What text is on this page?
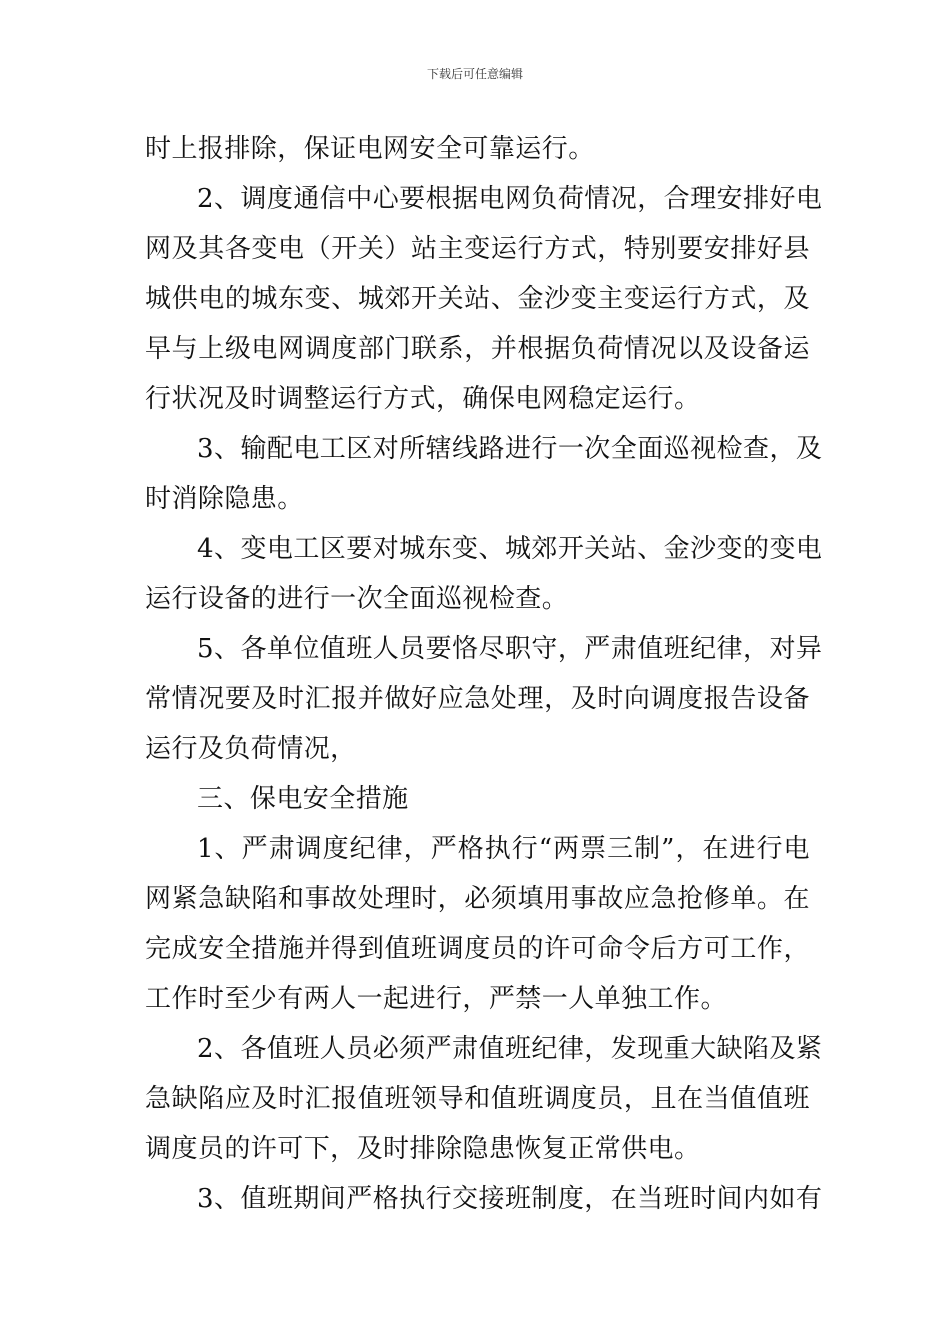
下载后可任意编辑
时上报排除，保证电网安全可靠运行。
2、调度通信中心要根据电网负荷情况，合理安排好电
网及其各变电（开关）站主变运行方式，特别要安排好县
城供电的城东变、城郊开关站、金沙变主变运行方式，及
早与上级电网调度部门联系，并根据负荷情况以及设备运
行状况及时调整运行方式，确保电网稳定运行。
3、输配电工区对所辖线路进行一次全面巡视检查，及
时消除隐患。
4、变电工区要对城东变、城郊开关站、金沙变的变电
运行设备的进行一次全面巡视检查。
5、各单位值班人员要恪尽职守，严肃值班纪律，对异
常情况要及时汇报并做好应急处理，及时向调度报告设备
运行及负荷情况，
三、保电安全措施
1、严肃调度纪律，严格执行“两票三制”，在进行电
网紧急缺陷和事故处理时，必须填用事故应急抢修单。在
完成安全措施并得到值班调度员的许可命令后方可工作，
工作时至少有两人一起进行，严禁一人单独工作。
2、各值班人员必须严肃值班纪律，发现重大缺陷及紧
急缺陷应及时汇报值班领导和值班调度员，且在当值值班
调度员的许可下，及时排除隐患恢复正常供电。
3、值班期间严格执行交接班制度，在当班时间内如有
